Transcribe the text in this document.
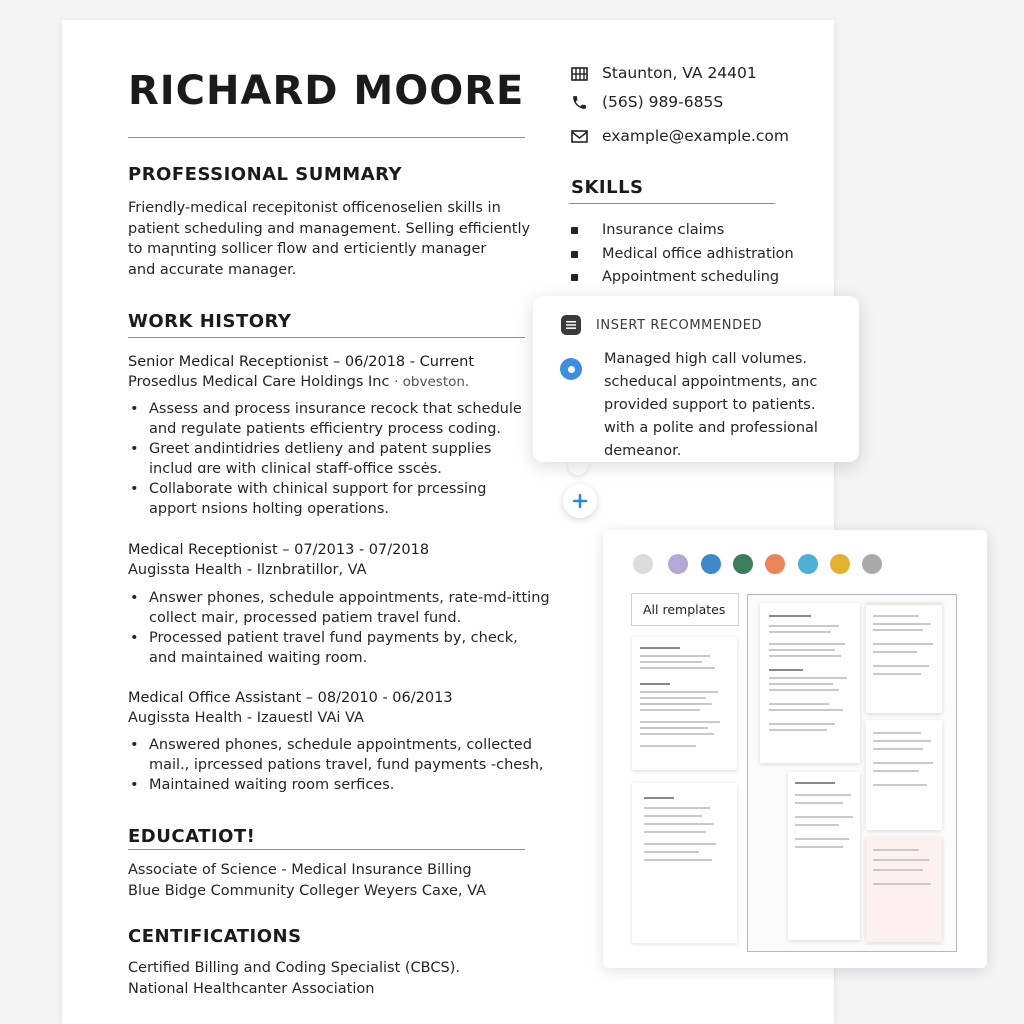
RICHARD MOORE	Staunton, VA 24401
(56S) 989-685S
example@example.com
SKILLS
Insurance claims
Medical office adhistration
Appointment scheduling
PROFESSIONAL SUMMARY

Friendly-medical recepitonist officenoselien skills in
patient scheduling and management. Selling efficiently
to maꞃnting sollicer flow and erticiently manager
and accurate manager.

WORK HISTORY

Senior Medical Receptionist – 06/2018 - Current

Prosedlus Medical Care Holdings Inc · obveston.

• Assess and process insurance recock that schedule
and regulate patients efficientry process coding.
• Greet andintidries detlieny and patent supplies
includ ɑre with clinical staff-office sscės.
• Collaborate with chinical support for prcessing
apport nsions holting operations.

Medical Receptionist – 07/2013 - 07/2018

Augissta Health - Ilznbratillor, VA

• Answer phones, schedule appointments, rate-md-itting
collect mair, processed patiem travel fund.
• Processed patient travel fund payments by, check,
and maintained waiting room.

Medical Office Assistant – 08/2010 - 06/2013

Augissta Health - Izauestl VAi VA

• Answered phones, schedule appointments, collected
mail., iprcessed pations travel, fund payments -chesh,
• Maintained waiting room serfices.
EDUCATIOT!

Associate of Science - Medical Insurance Billing
Blue Bidge Community Colleger Weyers Caxe, VA

CENTIFICATIONS

Certified Billing and Coding Specialist (CBCS).
National Healthcanter Association

INSERT RECOMMENDED

Managed high call volumes. scheducal appointments, anc provided support to patients. with a polite and professional demeanor.

All remplates
